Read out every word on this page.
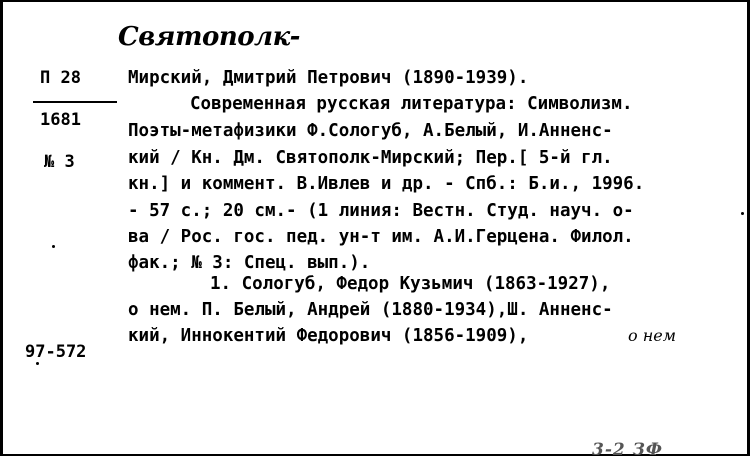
Святополк-
П 28
1681
№ 3
97-572
Мирский, Дмитрий Петрович (1890-1939).
Современная русская литература: Символизм.
Поэты-метафизики Ф.Сологуб, А.Белый, И.Анненс-
кий / Кн. Дм. Святополк-Мирский; Пер.[ 5-й гл.
кн.] и коммент. В.Ивлев и др. - Спб.: Б.и., 1996.
- 57 с.; 20 см.- (1 линия: Вестн. Студ. науч. о-
ва / Рос. гос. пед. ун-т им. А.И.Герцена. Филол.
фак.; № 3: Спец. вып.).
1. Сологуб, Федор Кузьмич (1863-1927),
о нем. П. Белый, Андрей (1880-1934),Ш. Анненс-
кий, Иннокентий Федорович (1856-1909),	о нем
3-2 ЗФ
